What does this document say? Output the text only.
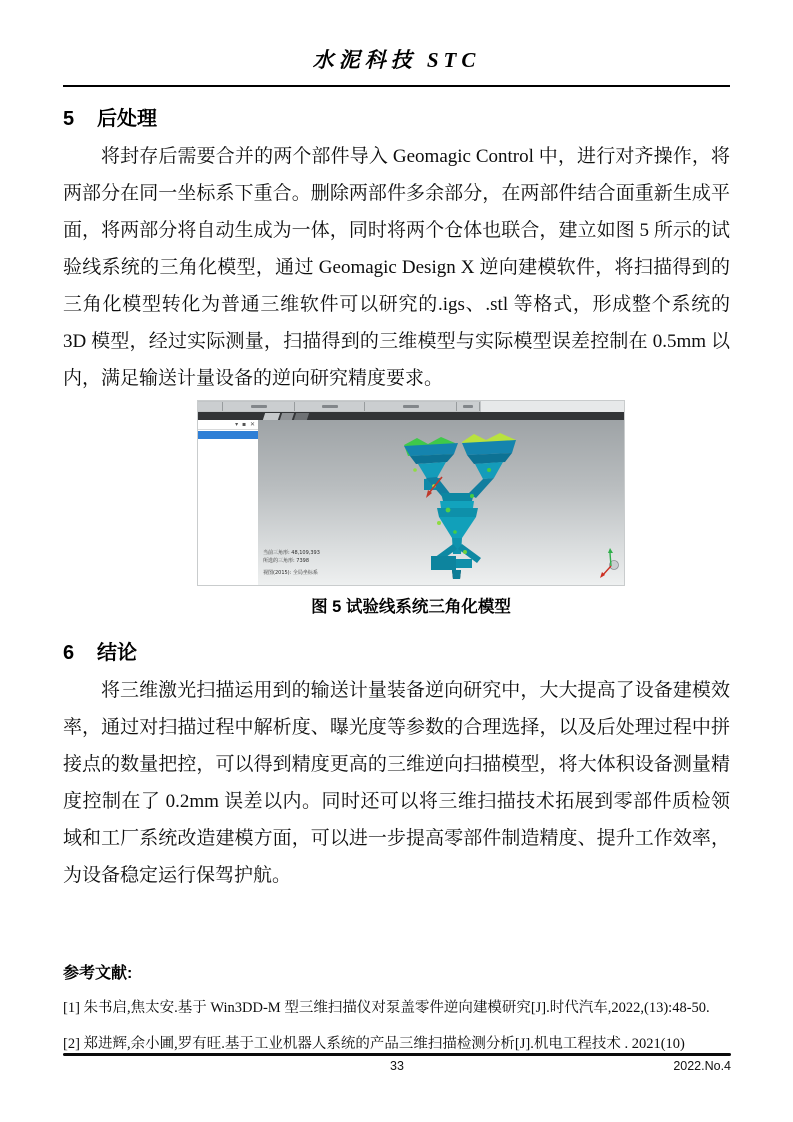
水泥科技 STC
5	后处理

将封存后需要合并的两个部件导入 Geomagic Control 中，进行对齐操作，将两部分在同一坐标系下重合。删除两部件多余部分，在两部件结合面重新生成平面，将两部分将自动生成为一体，同时将两个仓体也联合，建立如图 5 所示的试验线系统的三角化模型，通过 Geomagic Design X 逆向建模软件，将扫描得到的三角化模型转化为普通三维软件可以研究的.igs、.stl 等格式，形成整个系统的 3D 模型，经过实际测量，扫描得到的三维模型与实际模型误差控制在 0.5mm 以内，满足输送计量设备的逆向研究精度要求。

▾ ▪ ✕
当前三角形: 48,109,393
所选的三角形: 7398
视图(2015): 全局坐标系
图 5 试验线系统三角化模型
6	结论

将三维激光扫描运用到的输送计量装备逆向研究中，大大提高了设备建模效率，通过对扫描过程中解析度、曝光度等参数的合理选择，以及后处理过程中拼接点的数量把控，可以得到精度更高的三维逆向扫描模型，将大体积设备测量精度控制在了 0.2mm 误差以内。同时还可以将三维扫描技术拓展到零部件质检领域和工厂系统改造建模方面，可以进一步提高零部件制造精度、提升工作效率，为设备稳定运行保驾护航。

参考文献:
[1] 朱书启,焦太安.基于 Win3DD-M 型三维扫描仪对泵盖零件逆向建模研究[J].时代汽车,2022,(13):48-50.
[2] 郑进辉,余小圃,罗有旺.基于工业机器人系统的产品三维扫描检测分析[J].机电工程技术 . 2021(10)
33	2022.No.4
